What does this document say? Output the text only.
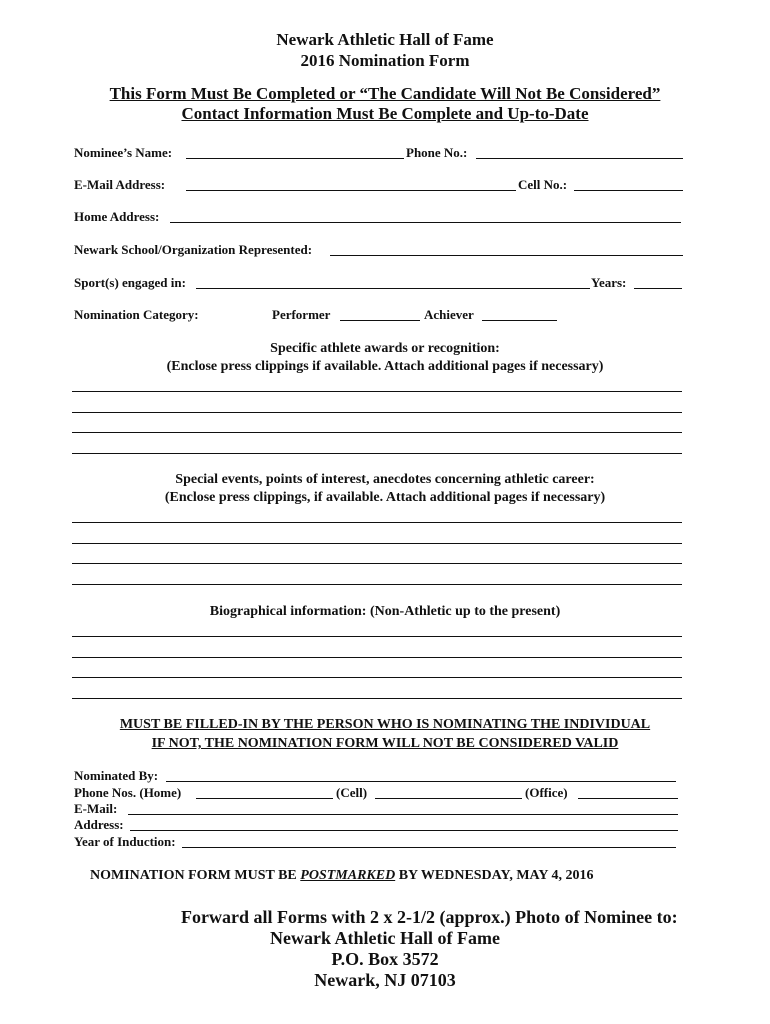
Newark Athletic Hall of Fame
2016 Nomination Form
This Form Must Be Completed or “The Candidate Will Not Be Considered”
Contact Information Must Be Complete and Up-to-Date
Nominee’s Name:	Phone No.:
E-Mail Address:	Cell No.:
Home Address:
Newark School/Organization Represented:
Sport(s) engaged in:	Years:
Nomination Category:	Performer	Achiever
Specific athlete awards or recognition:
(Enclose press clippings if available. Attach additional pages if necessary)
Special events, points of interest, anecdotes concerning athletic career:
(Enclose press clippings, if available. Attach additional pages if necessary)
Biographical information: (Non-Athletic up to the present)
MUST BE FILLED-IN BY THE PERSON WHO IS NOMINATING THE INDIVIDUAL
IF NOT, THE NOMINATION FORM WILL NOT BE CONSIDERED VALID
Nominated By:
Phone Nos. (Home)	(Cell)	(Office)
E-Mail:
Address:
Year of Induction:
NOMINATION FORM MUST BE POSTMARKED BY WEDNESDAY, MAY 4, 2016
Forward all Forms with 2 x 2-1/2 (approx.) Photo of Nominee to:
Newark Athletic Hall of Fame
P.O. Box 3572
Newark, NJ 07103
